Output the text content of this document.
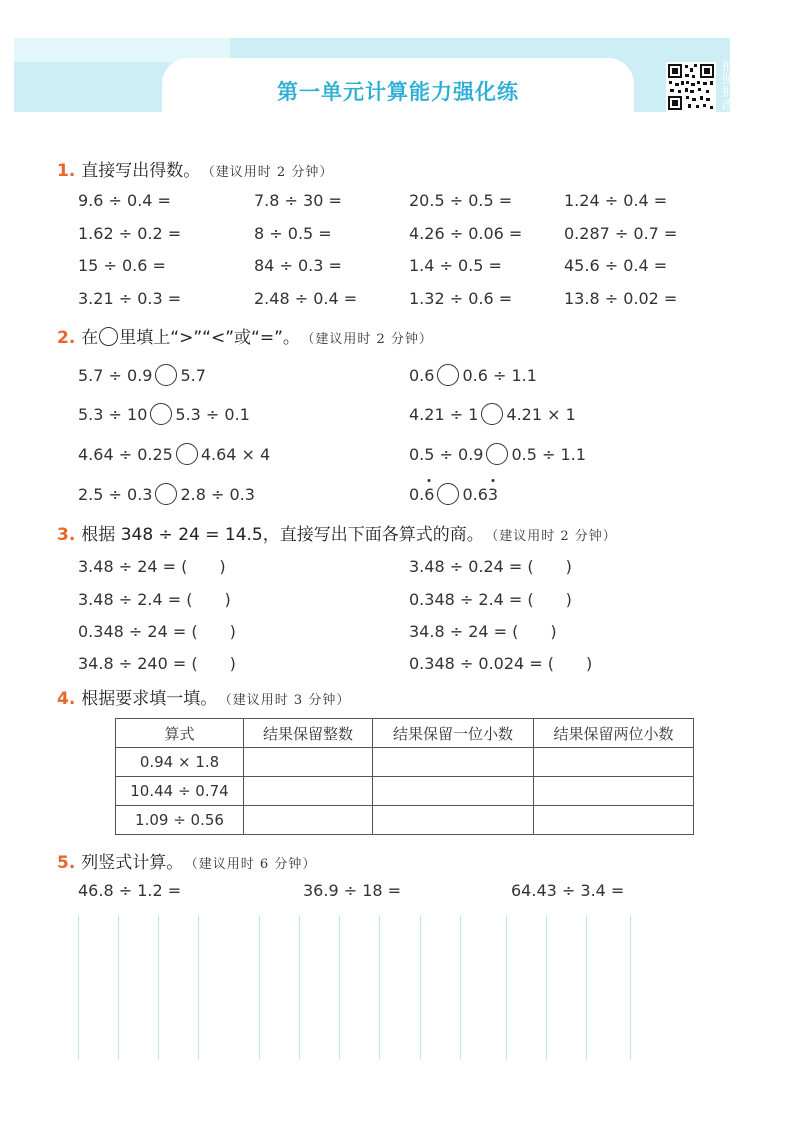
第一单元计算能力强化练
拍照批改
1. 直接写出得数。 （建议用时 2 分钟）
9.6 ÷ 0.4 =	7.8 ÷ 30 =	20.5 ÷ 0.5 =	1.24 ÷ 0.4 =
1.62 ÷ 0.2 =	8 ÷ 0.5 =	4.26 ÷ 0.06 =	0.287 ÷ 0.7 =
15 ÷ 0.6 =	84 ÷ 0.3 =	1.4 ÷ 0.5 =	45.6 ÷ 0.4 =
3.21 ÷ 0.3 =	2.48 ÷ 0.4 =	1.32 ÷ 0.6 =	13.8 ÷ 0.02 =
2. 在 里填上“>”“<”或“=”。 （建议用时 2 分钟）
5.7 ÷ 0.9 5.7	0.6 0.6 ÷ 1.1
5.3 ÷ 10 5.3 ÷ 0.1	4.21 ÷ 1 4.21 × 1
4.64 ÷ 0.25 4.64 × 4	0.5 ÷ 0.9 0.5 ÷ 1.1
2.5 ÷ 0.3 2.8 ÷ 0.3	0.6 0.63
3. 根据 348 ÷ 24 = 14.5，直接写出下面各算式的商。 （建议用时 2 分钟）
3.48 ÷ 24 = (　　)	3.48 ÷ 0.24 = (　　)
3.48 ÷ 2.4 = (　　)	0.348 ÷ 2.4 = (　　)
0.348 ÷ 24 = (　　)	34.8 ÷ 24 = (　　)
34.8 ÷ 240 = (　　)	0.348 ÷ 0.024 = (　　)
4. 根据要求填一填。 （建议用时 3 分钟）
算式	结果保留整数	结果保留一位小数	结果保留两位小数
0.94 × 1.8			
10.44 ÷ 0.74			
1.09 ÷ 0.56			
5. 列竖式计算。 （建议用时 6 分钟）
46.8 ÷ 1.2 =	36.9 ÷ 18 =	64.43 ÷ 3.4 =
